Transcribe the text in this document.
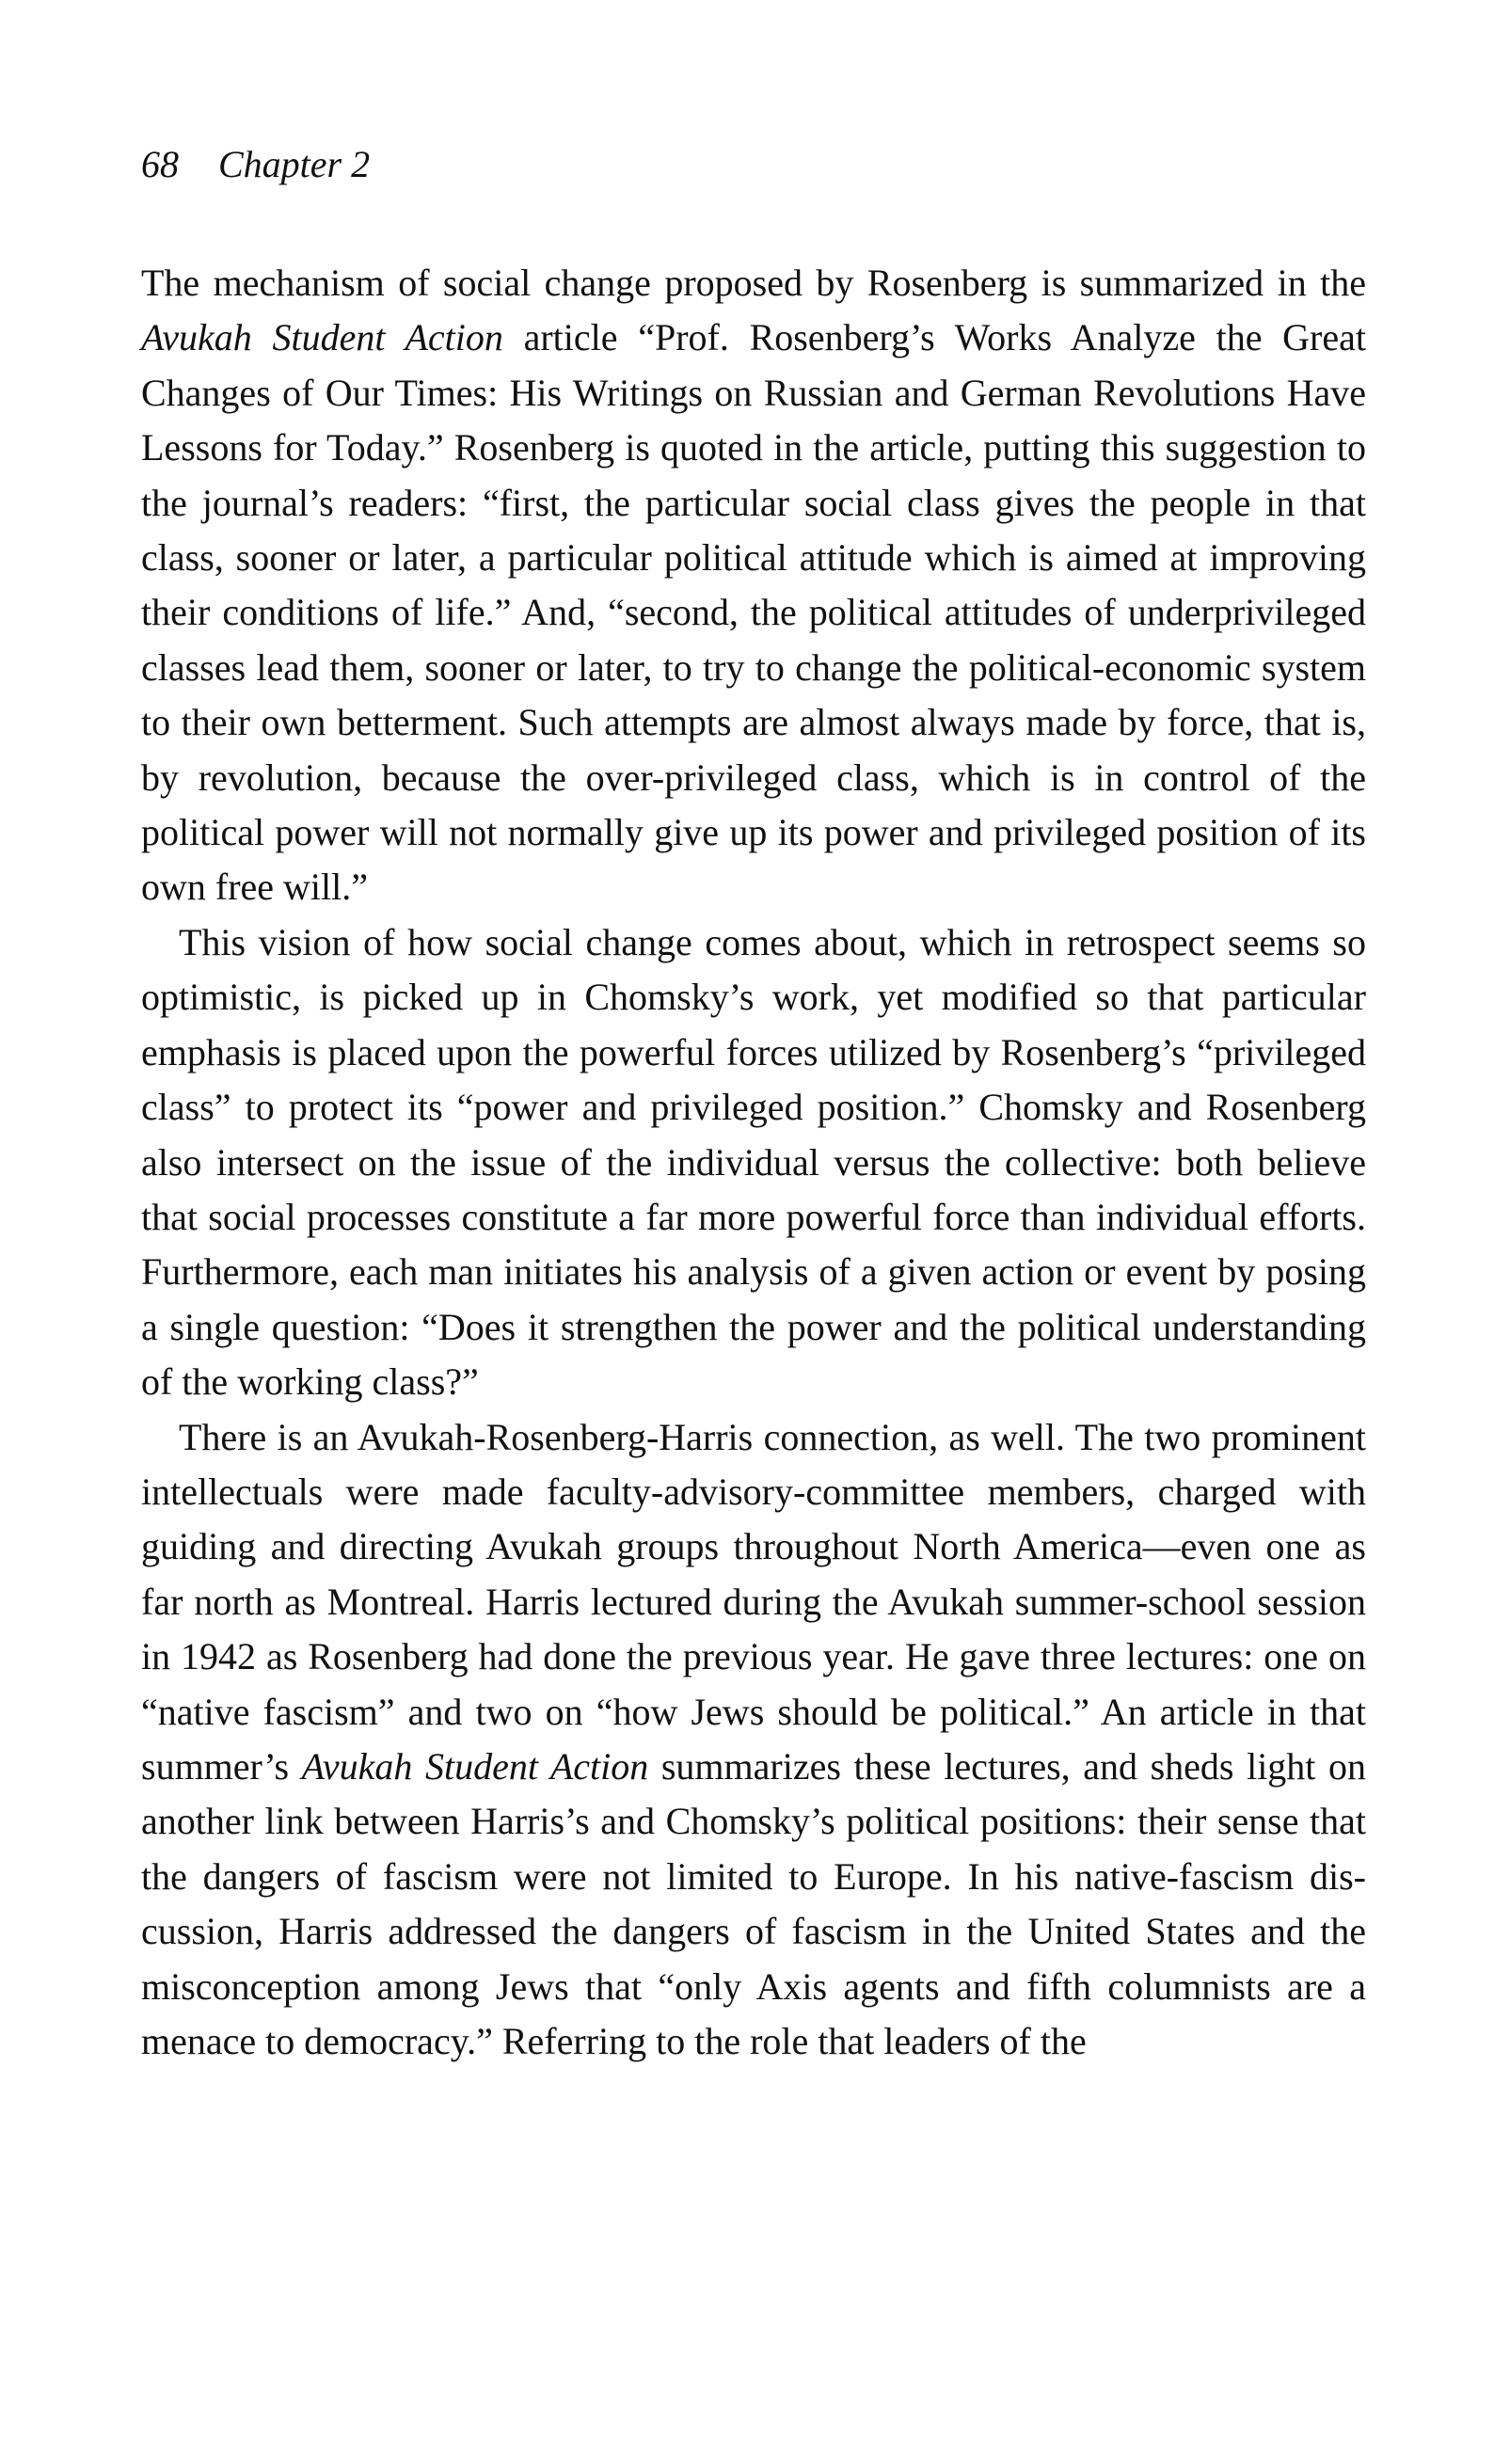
68 Chapter 2

The mechanism of social change proposed by Rosenberg is summarized in the Avukah Student Action article “Prof. Rosenberg’s Works Analyze the Great Changes of Our Times: His Writings on Russian and German Revolutions Have Lessons for Today.” Rosenberg is quoted in the article, putting this suggestion to the journal’s readers: “first, the particular social class gives the people in that class, sooner or later, a particular political attitude which is aimed at improving their conditions of life.” And, “second, the political attitudes of underprivileged classes lead them, sooner or later, to try to change the political-economic system to their own betterment. Such attempts are almost always made by force, that is, by revolution, because the over-privileged class, which is in control of the political power will not normally give up its power and privileged position of its own free will.”

This vision of how social change comes about, which in retrospect seems so optimistic, is picked up in Chomsky’s work, yet modified so that particular emphasis is placed upon the powerful forces utilized by Rosenberg’s “privileged class” to protect its “power and privileged position.” Chomsky and Rosenberg also intersect on the issue of the individual versus the collective: both believe that social processes constitute a far more powerful force than individual efforts. Furthermore, each man initiates his analysis of a given action or event by posing a single question: “Does it strengthen the power and the political understanding of the working class?”

There is an Avukah-Rosenberg-Harris connection, as well. The two prominent intellectuals were made faculty-advisory-committee members, charged with guiding and directing Avukah groups throughout North America—even one as far north as Montreal. Harris lectured during the Avukah summer-school session in 1942 as Rosenberg had done the previous year. He gave three lectures: one on “native fascism” and two on “how Jews should be political.” An article in that summer’s Avukah Student Action summarizes these lectures, and sheds light on another link between Harris’s and Chomsky’s political positions: their sense that the dangers of fascism were not limited to Europe. In his native-fascism discussion, Harris addressed the dangers of fascism in the United States and the misconception among Jews that “only Axis agents and fifth columnists are a menace to democracy.” Referring to the role that leaders of the
